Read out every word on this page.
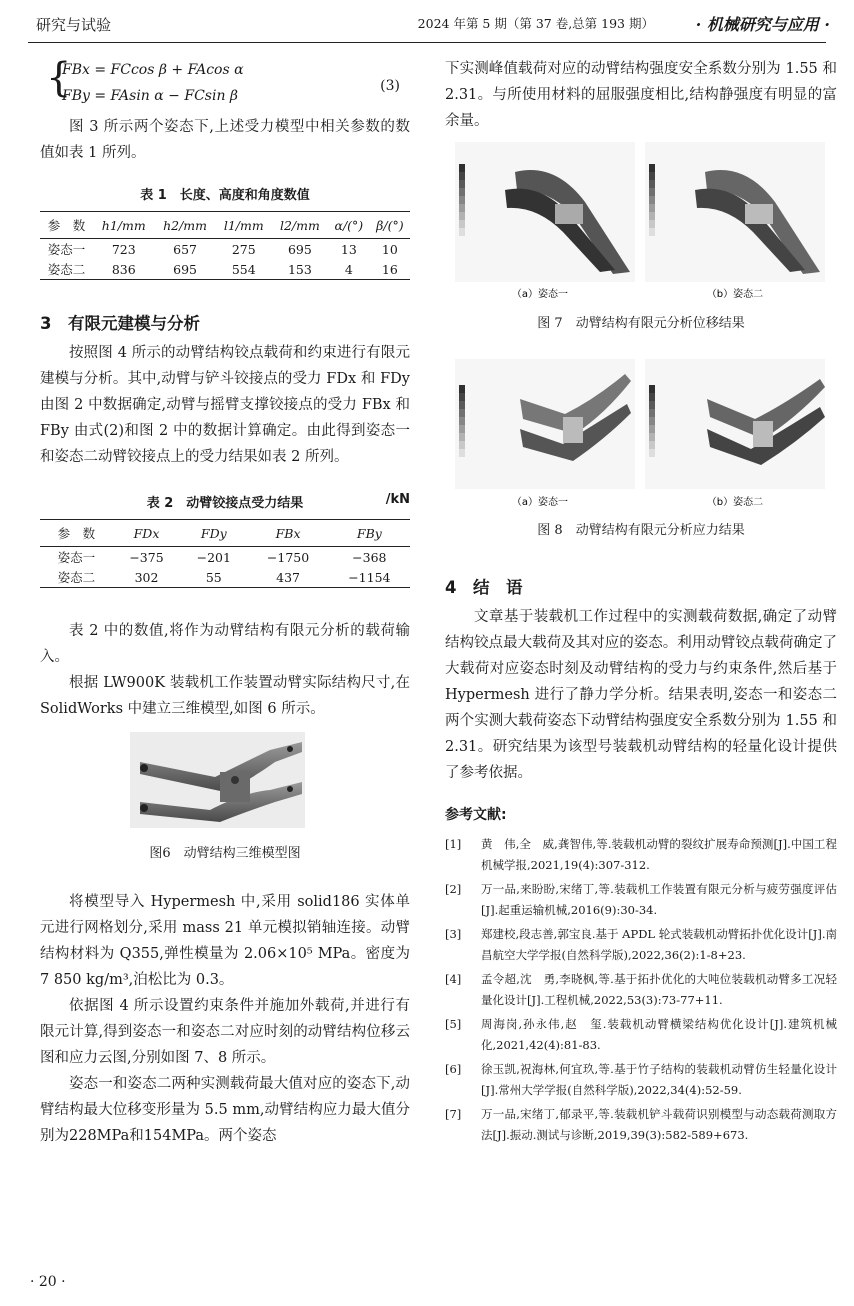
研究与试验	2024 年第 5 期（第 37 卷,总第 193 期）	· 机械研究与应用 ·
{
FBx = FCcos β + FAcos α
FBy = FAsin α − FCsin β
(3)

图 3 所示两个姿态下,上述受力模型中相关参数的数值如表 1 所列。

表 1　长度、高度和角度数值
参　数	h1/mm	h2/mm	l1/mm	l2/mm	α/(°)	β/(°)
姿态一	723	657	275	695	13	10
姿态二	836	695	554	153	4	16
3　有限元建模与分析

按照图 4 所示的动臂结构铰点载荷和约束进行有限元建模与分析。其中,动臂与铲斗铰接点的受力 FDx 和 FDy 由图 2 中数据确定,动臂与摇臂支撑铰接点的受力 FBx 和 FBy 由式(2)和图 2 中的数据计算确定。由此得到姿态一和姿态二动臂铰接点上的受力结果如表 2 所列。

表 2　动臂铰接点受力结果	/kN
参　数	FDx	FDy	FBx	FBy
姿态一	−375	−201	−1750	−368
姿态二	302	55	437	−1154

表 2 中的数值,将作为动臂结构有限元分析的载荷输入。

根据 LW900K 装载机工作装置动臂实际结构尺寸,在 SolidWorks 中建立三维模型,如图 6 所示。

图6　动臂结构三维模型图

将模型导入 Hypermesh 中,采用 solid186 实体单元进行网格划分,采用 mass 21 单元模拟销轴连接。动臂结构材料为 Q355,弹性模量为 2.06×10⁵ MPa。密度为 7 850 kg/m³,泊松比为 0.3。

依据图 4 所示设置约束条件并施加外载荷,并进行有限元计算,得到姿态一和姿态二对应时刻的动臂结构位移云图和应力云图,分别如图 7、8 所示。

姿态一和姿态二两种实测载荷最大值对应的姿态下,动臂结构最大位移变形量为 5.5 mm,动臂结构应力最大值分别为228MPa和154MPa。两个姿态

下实测峰值载荷对应的动臂结构强度安全系数分别为 1.55 和 2.31。与所使用材料的屈服强度相比,结构静强度有明显的富余量。

（a）姿态一	（b）姿态二
图 7　动臂结构有限元分析位移结果
（a）姿态一	（b）姿态二
图 8　动臂结构有限元分析应力结果
4　结　语

文章基于装载机工作过程中的实测载荷数据,确定了动臂结构铰点最大载荷及其对应的姿态。利用动臂铰点载荷确定了大载荷对应姿态时刻及动臂结构的受力与约束条件,然后基于 Hypermesh 进行了静力学分析。结果表明,姿态一和姿态二两个实测大载荷姿态下动臂结构强度安全系数分别为 1.55 和 2.31。研究结果为该型号装载机动臂结构的轻量化设计提供了参考依据。

参考文献:
[1] 黄　伟,全　威,龚智伟,等.装载机动臂的裂纹扩展寿命预测[J].中国工程机械学报,2021,19(4):307-312.
[2] 万一品,来盼盼,宋绪丁,等.装载机工作装置有限元分析与疲劳强度评估[J].起重运输机械,2016(9):30-34.
[3] 郑建校,段志善,郭宝良.基于 APDL 轮式装载机动臂拓扑优化设计[J].南昌航空大学学报(自然科学版),2022,36(2):1-8+23.
[4] 孟令超,沈　勇,李晓枫,等.基于拓扑优化的大吨位装载机动臂多工况轻量化设计[J].工程机械,2022,53(3):73-77+11.
[5] 周海岗,孙永伟,赵　玺.装载机动臂横梁结构优化设计[J].建筑机械化,2021,42(4):81-83.
[6] 徐玉凯,祝海林,何宜玖,等.基于竹子结构的装载机动臂仿生轻量化设计[J].常州大学学报(自然科学版),2022,34(4):52-59.
[7] 万一品,宋绪丁,郁录平,等.装载机铲斗载荷识别模型与动态载荷测取方法[J].振动.测试与诊断,2019,39(3):582-589+673.
· 20 ·
